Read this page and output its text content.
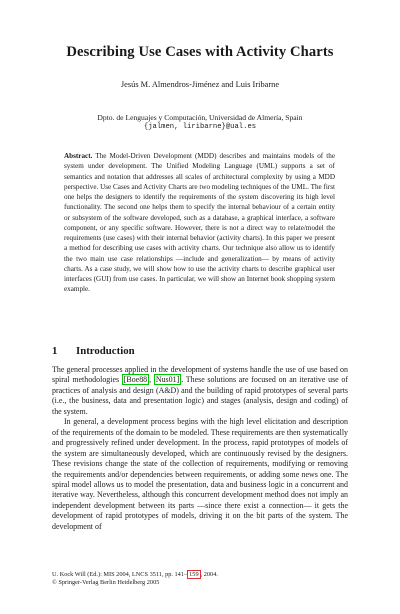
Describing Use Cases with Activity Charts
Jesús M. Almendros-Jiménez and Luis Iribarne
Dpto. de Lenguajes y Computación, Universidad de Almería, Spain
{jalmen, liribarne}@ual.es
Abstract. The Model-Driven Development (MDD) describes and maintains models of the system under development. The Unified Modeling Language (UML) supports a set of semantics and notation that addresses all scales of architectural complexity by using a MDD perspective. Use Cases and Activity Charts are two modeling techniques of the UML. The first one helps the designers to identify the requirements of the system discovering its high level functionality. The second one helps them to specify the internal behaviour of a certain entity or subsystem of the software developed, such as a database, a graphical interface, a software component, or any specific software. However, there is not a direct way to relate/model the requirements (use cases) with their internal behavior (activity charts). In this paper we present a method for describing use cases with activity charts. Our technique also allow us to identify the two main use case relationships —include and generalization— by means of activity charts. As a case study, we will show how to use the activity charts to describe graphical user interfaces (GUI) from use cases. In particular, we will show an Internet book shopping system example.
1 Introduction

The general processes applied in the development of systems handle the use of use based on spiral methodologies [Boe88 , Nus01] . These solutions are focused on an iterative use of practices of analysis and design (A&D) and the building of rapid prototypes of several parts (i.e., the business, data and presentation logic) and stages (analysis, design and coding) of the system.

In general, a development process begins with the high level elicitation and description of the requirements of the domain to be modeled. These requirements are then systematically and progressively refined under development. In the process, rapid prototypes of models of the system are simultaneously developed, which are continuously revised by the designers. These revisions change the state of the collection of requirements, modifying or removing the requirements and/or dependencies between requirements, or adding some news one. The spiral model allows us to model the presentation, data and business logic in a concurrent and iterative way. Nevertheless, although this concurrent development method does not imply an independent development between its parts —since there exist a connection— it gets the development of rapid prototypes of models, driving it on the bit parts of the system. The development of

U. Kock Will (Ed.): MIS 2004, LNCS 3511, pp. 141– 159 , 2004.
© Springer-Verlag Berlin Heidelberg 2005
